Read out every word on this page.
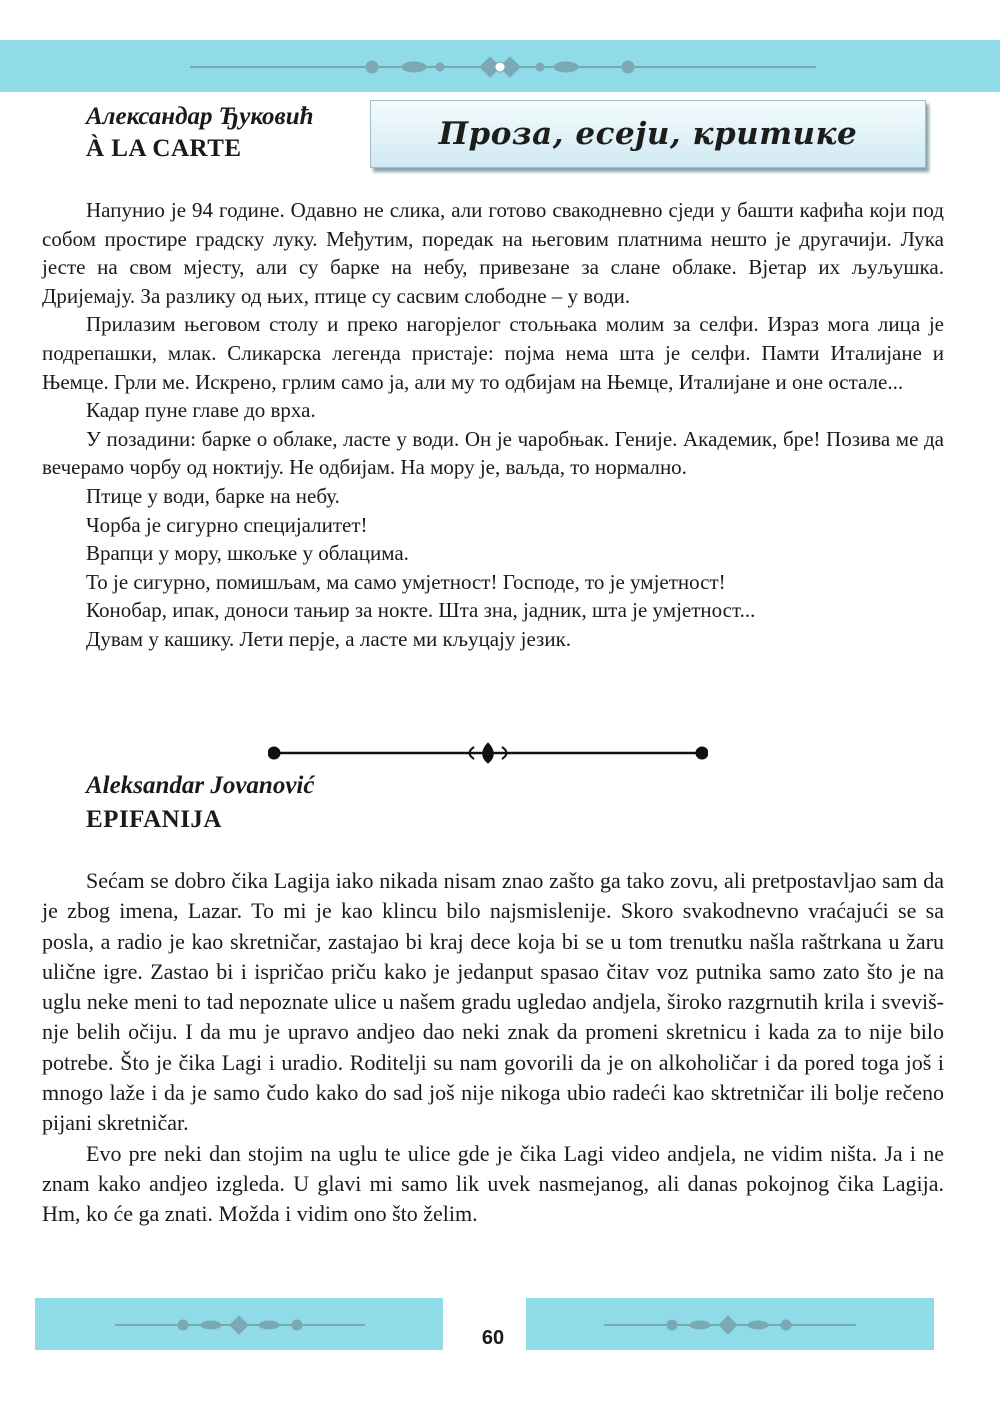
Александар Ђуковић
À LA CARTE	Проза, есеји, критике

Напунио је 94 године. Одавно не слика, али готово свакодневно сједи у башти кафића који под собом простире градску луку. Међутим, поредак на његовим платнима нешто је другачији. Лука јесте на свом мјесту, али су барке на небу, привезане за слане облаке. Вјетар их љуљушка. Дријемају. За разлику од њих, птице су сасвим слободне – у води.

Прилазим његовом столу и преко нагорјелог стољњака молим за селфи. Израз мога лица је подрепашки, млак. Сликарска легенда пристаје: појма нема шта је селфи. Памти Италијане и Њемце. Грли ме. Искрено, грлим само ја, али му то одбијам на Њемце, Италијане и оне остале...

Кадар пуне главе до врха.

У позадини: барке о облаке, ласте у води. Он је чаробњак. Геније. Академик, бре! Позива ме да вечерамо чорбу од ноктију. Не одбијам. На мору је, ваљда, то нормално.

Птице у води, барке на небу.

Чорба је сигурно специјалитет!

Врапци у мору, шкољке у облацима.

То је сигурно, помишљам, ма само умјетност! Господе, то је умјетност!

Конобар, ипак, доноси тањир за нокте. Шта зна, јадник, шта је умјетност...

Дувам у кашику. Лети перје, а ласте ми кљуцају језик.

Aleksandar Jovanović
EPIFANIJA

Sećam se dobro čika Lagija iako nikada nisam znao zašto ga tako zovu, ali pretpostavljao sam da je zbog imena, Lazar. To mi je kao klincu bilo najsmislenije. Skoro svakodnevno vraćajući se sa posla, a radio je kao skretničar, zastajao bi kraj dece koja bi se u tom trenutku našla raštrkana u žaru ulične igre. Zastao bi i ispričao priču kako je jedanput spasao čitav voz putnika samo zato što je na uglu neke meni to tad nepoznate ulice u našem gradu ugledao andjela, široko razgrnutih krila i svevišnje belih očiju. I da mu je upravo andjeo dao neki znak da promeni skretnicu i kada za to nije bilo potrebe. Što je čika Lagi i uradio. Roditelji su nam govorili da je on alkoholičar i da pored toga još i mnogo laže i da je samo čudo kako do sad još nije nikoga ubio radeći kao sktretničar ili bolje rečeno pijani skretničar.

Evo pre neki dan stojim na uglu te ulice gde je čika Lagi video andjela, ne vidim ništa. Ja i ne znam kako andjeo izgleda. U glavi mi samo lik uvek nasmejanog, ali danas pokojnog čika Lagija. Hm, ko će ga znati. Možda i vidim ono što želim.

60
